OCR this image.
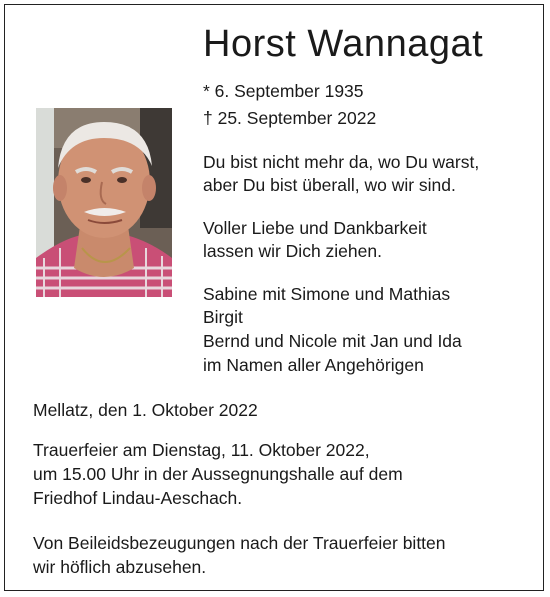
Horst Wannagat
* 6. September 1935
† 25. September 2022
Du bist nicht mehr da, wo Du warst,
aber Du bist überall, wo wir sind.
Voller Liebe und Dankbarkeit
lassen wir Dich ziehen.
Sabine mit Simone und Mathias
Birgit
Bernd und Nicole mit Jan und Ida
im Namen aller Angehörigen
Mellatz, den 1. Oktober 2022
Trauerfeier am Dienstag, 11. Oktober 2022,
um 15.00 Uhr in der Aussegnungshalle auf dem
Friedhof Lindau-Aeschach.
Von Beileidsbezeugungen nach der Trauerfeier bitten
wir höflich abzusehen.
